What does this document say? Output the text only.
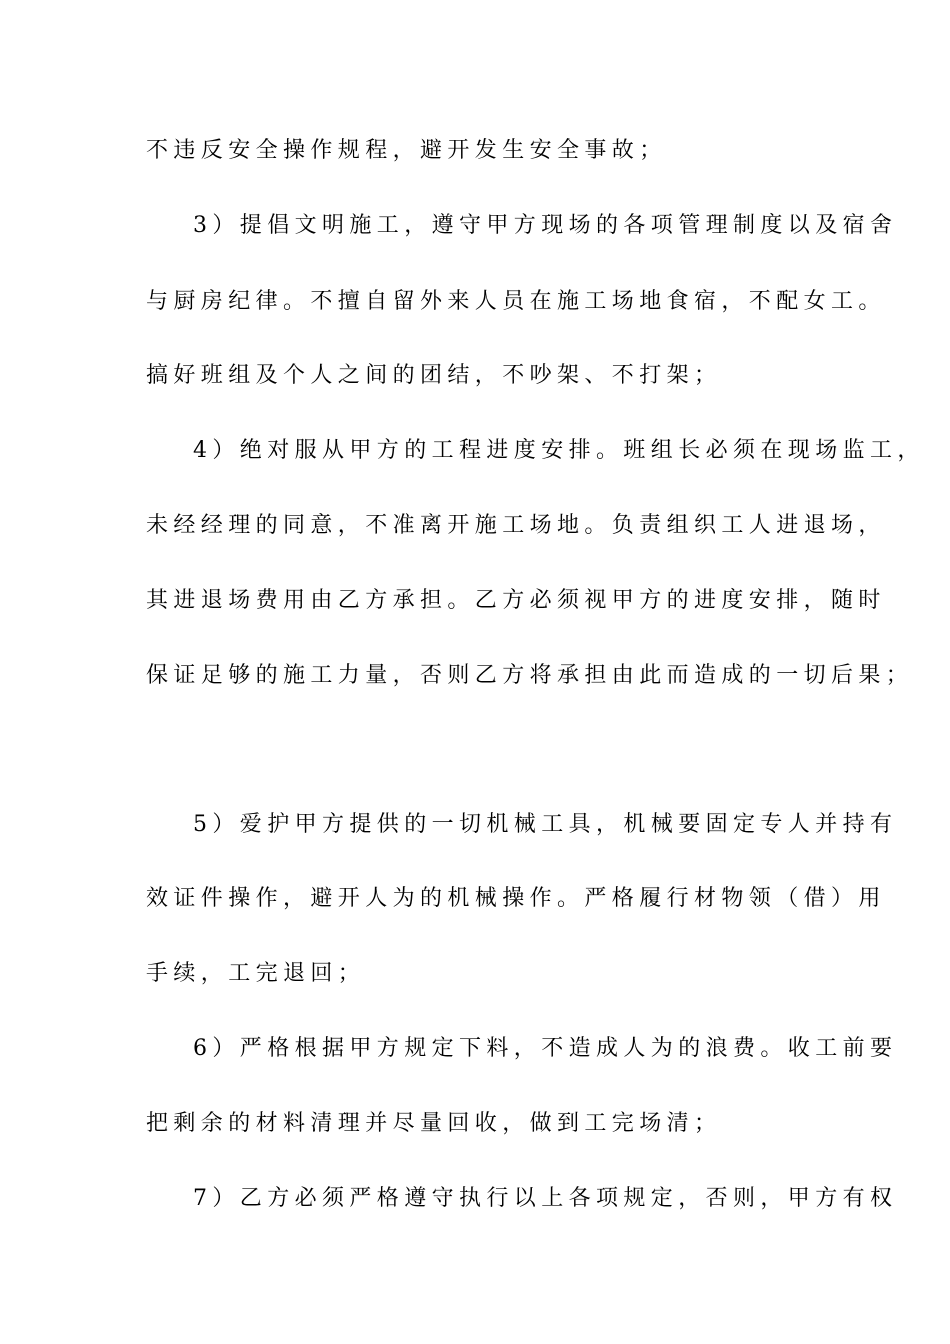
不违反安全操作规程，避开发生安全事故；
3）提倡文明施工，遵守甲方现场的各项管理制度以及宿舍
与厨房纪律。不擅自留外来人员在施工场地食宿，不配女工。
搞好班组及个人之间的团结，不吵架、不打架；
4）绝对服从甲方的工程进度安排。班组长必须在现场监工，
未经经理的同意，不准离开施工场地。负责组织工人进退场，
其进退场费用由乙方承担。乙方必须视甲方的进度安排，随时
保证足够的施工力量，否则乙方将承担由此而造成的一切后果；
5）爱护甲方提供的一切机械工具，机械要固定专人并持有
效证件操作，避开人为的机械操作。严格履行材物领（借）用
手续，工完退回；
6）严格根据甲方规定下料，不造成人为的浪费。收工前要
把剩余的材料清理并尽量回收，做到工完场清；
7）乙方必须严格遵守执行以上各项规定，否则，甲方有权
